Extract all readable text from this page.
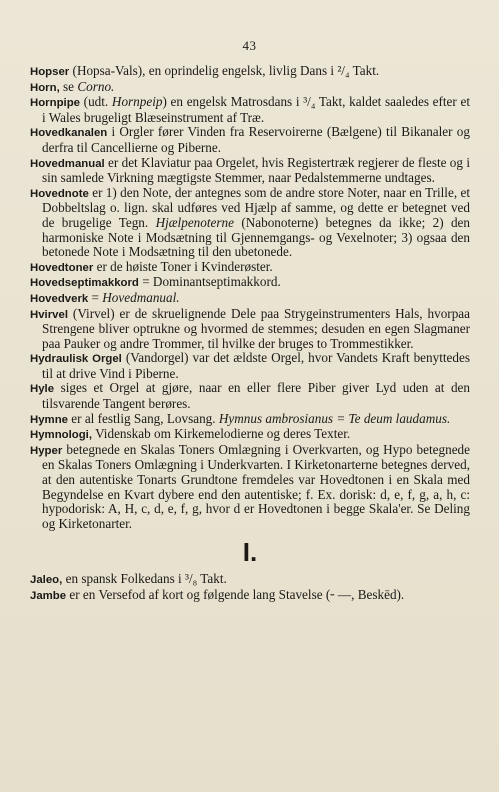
43

Hopser (Hopsa-Vals), en oprindelig engelsk, livlig Dans i ²/₄ Takt.

Horn, se Corno.

Hornpipe (udt. Hornpeip) en engelsk Matrosdans i ³/₄ Takt, kaldet saaledes efter et i Wales brugeligt Blæseinstrument af Træ.

Hovedkanalen i Orgler fører Vinden fra Reservoirerne (Bælgene) til Bikanaler og derfra til Cancellierne og Piberne.

Hovedmanual er det Klaviatur paa Orgelet, hvis Registertræk regjerer de fleste og i sin samlede Virkning mægtigste Stemmer, naar Pedalstemmerne undtages.

Hovednote er 1) den Note, der antegnes som de andre store Noter, naar en Trille, et Dobbeltslag o. lign. skal udføres ved Hjælp af samme, og dette er betegnet ved de brugelige Tegn. Hjælpenoterne (Nabonoterne) betegnes da ikke; 2) den harmoniske Note i Modsætning til Gjennemgangs- og Vexelnoter; 3) ogsaa den betonede Note i Modsætning til den ubetonede.

Hovedtoner er de høiste Toner i Kvinderøster.

Hovedseptimakkord = Dominantseptimakkord.

Hovedverk = Hovedmanual.

Hvirvel (Virvel) er de skruelignende Dele paa Strygeinstrumenters Hals, hvorpaa Strengene bliver optrukne og hvormed de stemmes; desuden en egen Slagmaner paa Pauker og andre Trommer, til hvilke der bruges to Trommestikker.

Hydraulisk Orgel (Vandorgel) var det ældste Orgel, hvor Vandets Kraft benyttedes til at drive Vind i Piberne.

Hyle siges et Orgel at gjøre, naar en eller flere Piber giver Lyd uden at den tilsvarende Tangent berøres.

Hymne er al festlig Sang, Lovsang. Hymnus ambrosianus = Te deum laudamus.

Hymnologi, Videnskab om Kirkemelodierne og deres Texter.

Hyper betegnede en Skalas Toners Omlægning i Overkvarten, og Hypo betegnede en Skalas Toners Omlægning i Underkvarten. I Kirketonarterne betegnes derved, at den autentiske Tonarts Grundtone fremdeles var Hovedtonen i en Skala med Begyndelse en Kvart dybere end den autentiske; f. Ex. dorisk: d, e, f, g, a, h, c: hypodorisk: A, H, c, d, e, f, g, hvor d er Hovedtonen i begge Skala'er. Se Deling og Kirketonarter.

I.

Jaleo, en spansk Folkedans i ³/₈ Takt.

Jambe er en Versefod af kort og følgende lang Stavelse (⏑ —, Beskēd).
